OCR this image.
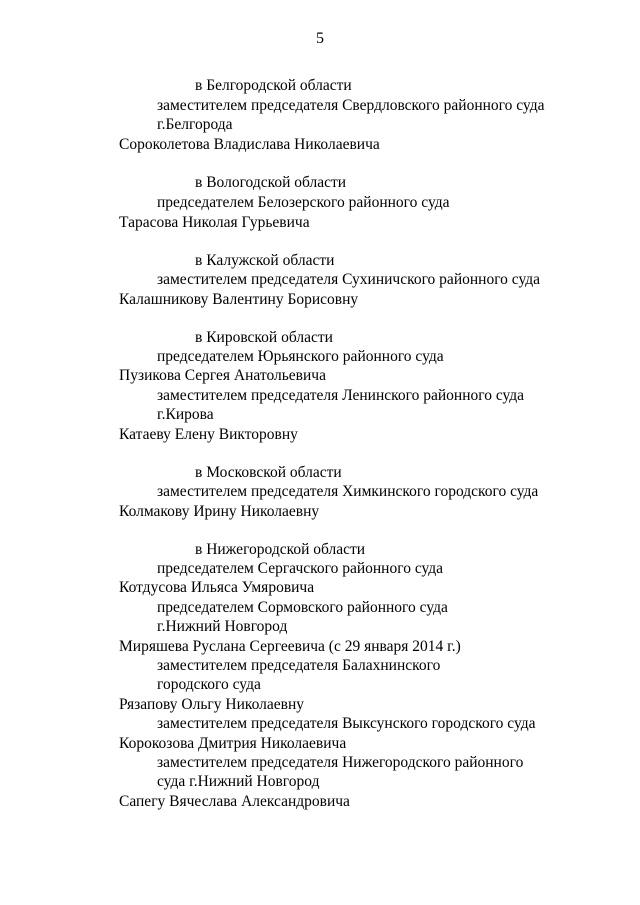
5
в Белгородской области
заместителем председателя Свердловского районного суда
г.Белгорода
Сороколетова Владислава Николаевича
в Вологодской области
председателем Белозерского районного суда
Тарасова Николая Гурьевича
в Калужской области
заместителем председателя Сухиничского районного суда
Калашникову Валентину Борисовну
в Кировской области
председателем Юрьянского районного суда
Пузикова Сергея Анатольевича
заместителем председателя Ленинского районного суда
г.Кирова
Катаеву Елену Викторовну
в Московской области
заместителем председателя Химкинского городского суда
Колмакову Ирину Николаевну
в Нижегородской области
председателем Сергачского районного суда
Котдусова Ильяса Умяровича
председателем Сормовского районного суда
г.Нижний Новгород
Миряшева Руслана Сергеевича (с 29 января 2014 г.)
заместителем председателя Балахнинского
городского суда
Рязапову Ольгу Николаевну
заместителем председателя Выксунского городского суда
Корокозова Дмитрия Николаевича
заместителем председателя Нижегородского районного
суда г.Нижний Новгород
Сапегу Вячеслава Александровича
